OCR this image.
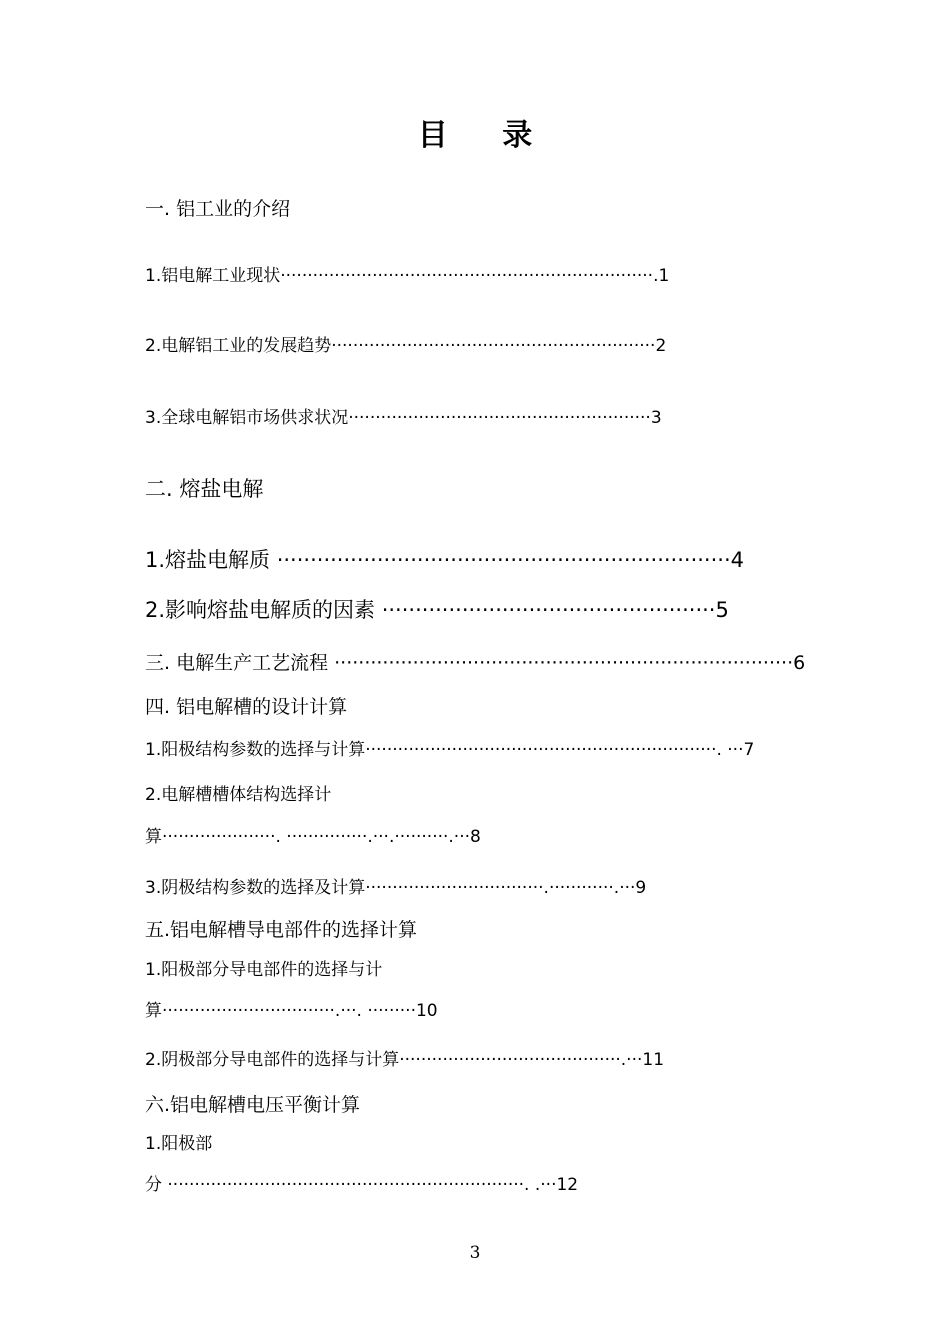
目 录
一. 铝工业的介绍
1.铝电解工业现状·····································································.1
2.电解铝工业的发展趋势····························································2
3.全球电解铝市场供求状况························································3
二. 熔盐电解
1.熔盐电解质 ····································································4
2.影响熔盐电解质的因素 ··················································5
三. 电解生产工艺流程 ············································································6
四. 铝电解槽的设计计算
1.阳极结构参数的选择与计算·································································. ···7
2.电解槽槽体结构选择计
算·····················. ···············.···.··········.···8
3.阴极结构参数的选择及计算·································.············.···9
五.铝电解槽导电部件的选择计算
1.阳极部分导电部件的选择与计
算································.···. ·········10
2.阴极部分导电部件的选择与计算·········································.···11
六.铝电解槽电压平衡计算
1.阳极部
分 ··································································. .···12
3
